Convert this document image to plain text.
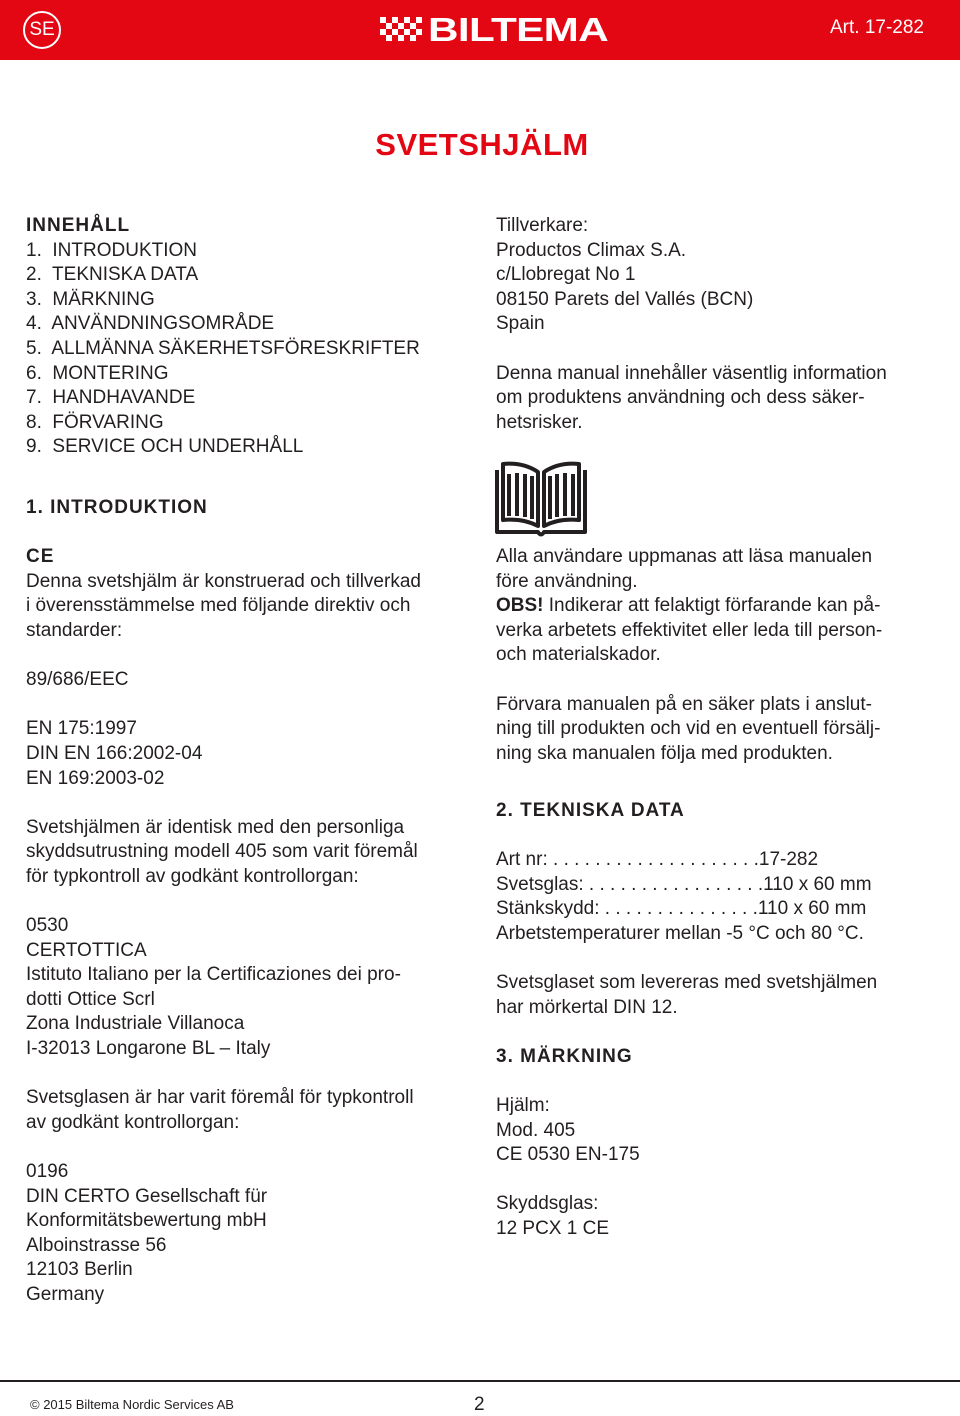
SE	BILTEMA	Art. 17-282
SVETSHJÄLM
INNEHÅLL
1.  INTRODUKTION
2.  TEKNISKA DATA
3.  MÄRKNING
4.  ANVÄNDNINGSOMRÅDE
5.  ALLMÄNNA SÄKERHETSFÖRESKRIFTER
6.  MONTERING
7.  HANDHAVANDE
8.  FÖRVARING
9.  SERVICE OCH UNDERHÅLL
Tillverkare:
Productos Climax S.A.
c/Llobregat No 1
08150 Parets del Vallés (BCN)
Spain
Denna manual innehåller väsentlig information
om produktens användning och dess säker-
hetsrisker.
1. INTRODUKTION
CE
Denna svetshjälm är konstruerad och tillverkad
i överensstämmelse med följande direktiv och
standarder:
89/686/EEC
EN 175:1997
DIN EN 166:2002-04
EN 169:2003-02
Svetshjälmen är identisk med den personliga
skyddsutrustning modell 405 som varit föremål
för typkontroll av godkänt kontrollorgan:
0530
CERTOTTICA
Istituto Italiano per la Certificaziones dei pro-
dotti Ottice Scrl
Zona Industriale Villanoca
I-32013 Longarone BL – Italy
Svetsglasen är har varit föremål för typkontroll
av godkänt kontrollorgan:
0196
DIN CERTO Gesellschaft für
Konformitätsbewertung mbH
Alboinstrasse 56
12103 Berlin
Germany
Alla användare uppmanas att läsa manualen
före användning.
OBS! Indikerar att felaktigt förfarande kan på-
verka arbetets effektivitet eller leda till person-
och materialskador.
Förvara manualen på en säker plats i anslut-
ning till produkten och vid en eventuell försälj-
ning ska manualen följa med produkten.
2. TEKNISKA DATA
Art nr: . . . . . . . . . . . . . . . . . . . .17-282
Svetsglas: . . . . . . . . . . . . . . . . .110 x 60 mm
Stänkskydd: . . . . . . . . . . . . . . .110 x 60 mm
Arbetstemperaturer mellan -5 °C och 80 °C.
Svetsglaset som levereras med svetshjälmen
har mörkertal DIN 12.
3. MÄRKNING
Hjälm:
Mod. 405
CE 0530 EN-175
Skyddsglas:
12 PCX 1 CE
© 2015 Biltema Nordic Services AB	2
